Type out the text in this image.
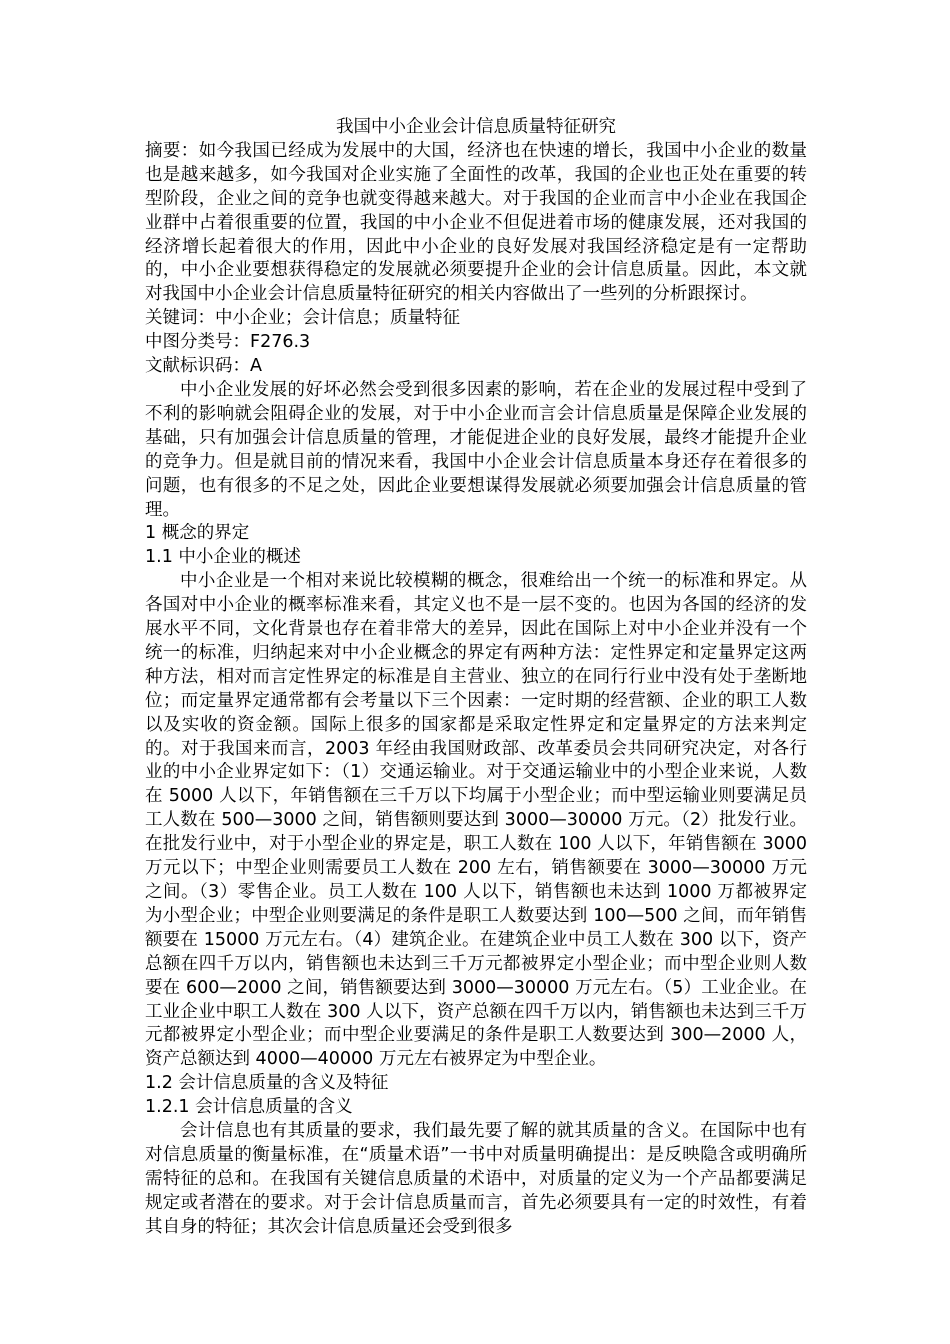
我国中小企业会计信息质量特征研究

摘要：如今我国已经成为发展中的大国，经济也在快速的增长，我国中小企业的数量也是越来越多，如今我国对企业实施了全面性的改革，我国的企业也正处在重要的转型阶段，企业之间的竞争也就变得越来越大。对于我国的企业而言中小企业在我国企业群中占着很重要的位置，我国的中小企业不但促进着市场的健康发展，还对我国的经济增长起着很大的作用，因此中小企业的良好发展对我国经济稳定是有一定帮助的，中小企业要想获得稳定的发展就必须要提升企业的会计信息质量。因此，本文就对我国中小企业会计信息质量特征研究的相关内容做出了一些列的分析跟探讨。

关键词：中小企业；会计信息；质量特征

中图分类号：F276.3

文献标识码：A

中小企业发展的好坏必然会受到很多因素的影响，若在企业的发展过程中受到了不利的影响就会阻碍企业的发展，对于中小企业而言会计信息质量是保障企业发展的基础，只有加强会计信息质量的管理，才能促进企业的良好发展，最终才能提升企业的竞争力。但是就目前的情况来看，我国中小企业会计信息质量本身还存在着很多的问题，也有很多的不足之处，因此企业要想谋得发展就必须要加强会计信息质量的管理。

1 概念的界定

1.1 中小企业的概述

中小企业是一个相对来说比较模糊的概念，很难给出一个统一的标准和界定。从各国对中小企业的概率标准来看，其定义也不是一层不变的。也因为各国的经济的发展水平不同，文化背景也存在着非常大的差异，因此在国际上对中小企业并没有一个统一的标准，归纳起来对中小企业概念的界定有两种方法：定性界定和定量界定这两种方法，相对而言定性界定的标准是自主营业、独立的在同行行业中没有处于垄断地位；而定量界定通常都有会考量以下三个因素：一定时期的经营额、企业的职工人数以及实收的资金额。国际上很多的国家都是采取定性界定和定量界定的方法来判定的。对于我国来而言，2003 年经由我国财政部、改革委员会共同研究决定，对各行业的中小企业界定如下：（1）交通运输业。对于交通运输业中的小型企业来说，人数在 5000 人以下，年销售额在三千万以下均属于小型企业；而中型运输业则要满足员工人数在 500—3000 之间，销售额则要达到 3000—30000 万元。（2）批发行业。在批发行业中，对于小型企业的界定是，职工人数在 100 人以下，年销售额在 3000 万元以下；中型企业则需要员工人数在 200 左右，销售额要在 3000—30000 万元之间。（3）零售企业。员工人数在 100 人以下，销售额也未达到 1000 万都被界定为小型企业；中型企业则要满足的条件是职工人数要达到 100—500 之间，而年销售额要在 15000 万元左右。（4）建筑企业。在建筑企业中员工人数在 300 以下，资产总额在四千万以内，销售额也未达到三千万元都被界定小型企业；而中型企业则人数要在 600—2000 之间，销售额要达到 3000—30000 万元左右。（5）工业企业。在工业企业中职工人数在 300 人以下，资产总额在四千万以内，销售额也未达到三千万元都被界定小型企业；而中型企业要满足的条件是职工人数要达到 300—2000 人，资产总额达到 4000—40000 万元左右被界定为中型企业。

1.2 会计信息质量的含义及特征

1.2.1 会计信息质量的含义

会计信息也有其质量的要求，我们最先要了解的就其质量的含义。在国际中也有对信息质量的衡量标准，在“质量术语”一书中对质量明确提出：是反映隐含或明确所需特征的总和。在我国有关键信息质量的术语中，对质量的定义为一个产品都要满足规定或者潜在的要求。对于会计信息质量而言，首先必须要具有一定的时效性，有着其自身的特征；其次会计信息质量还会受到很多
